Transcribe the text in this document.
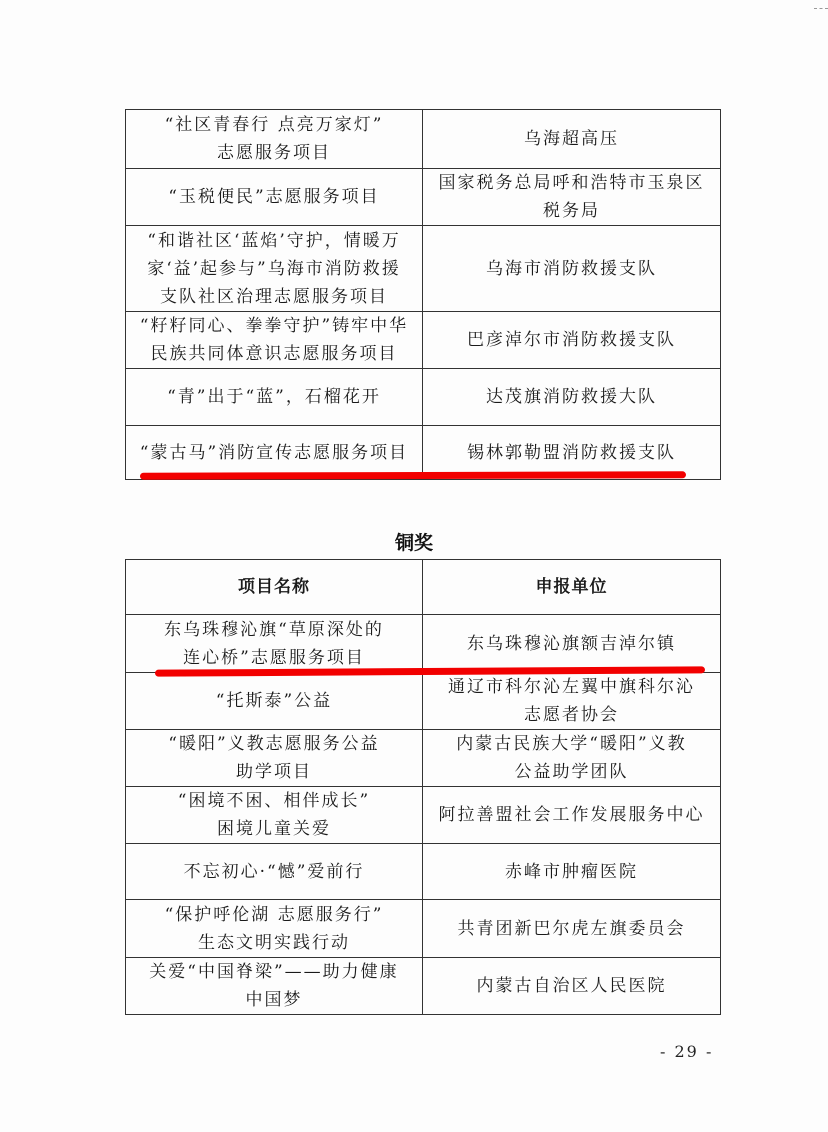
“社区青春行 点亮万家灯”
志愿服务项目	乌海超高压
“玉税便民”志愿服务项目	国家税务总局呼和浩特市玉泉区
税务局
“和谐社区‘蓝焰’守护，情暖万
家‘益’起参与”乌海市消防救援
支队社区治理志愿服务项目	乌海市消防救援支队
“籽籽同心、拳拳守护”铸牢中华
民族共同体意识志愿服务项目	巴彦淖尔市消防救援支队
“青”出于“蓝”，石榴花开	达茂旗消防救援大队
“蒙古马”消防宣传志愿服务项目	锡林郭勒盟消防救援支队
铜奖
项目名称	申报单位
东乌珠穆沁旗“草原深处的
连心桥”志愿服务项目	东乌珠穆沁旗额吉淖尔镇
“托斯泰”公益	通辽市科尔沁左翼中旗科尔沁
志愿者协会
“暖阳”义教志愿服务公益
助学项目	内蒙古民族大学“暖阳”义教
公益助学团队
“困境不困、相伴成长”
困境儿童关爱	阿拉善盟社会工作发展服务中心
不忘初心·“憾”爱前行	赤峰市肿瘤医院
“保护呼伦湖 志愿服务行”
生态文明实践行动	共青团新巴尔虎左旗委员会
关爱“中国脊梁”——助力健康
中国梦	内蒙古自治区人民医院
- 29 -
